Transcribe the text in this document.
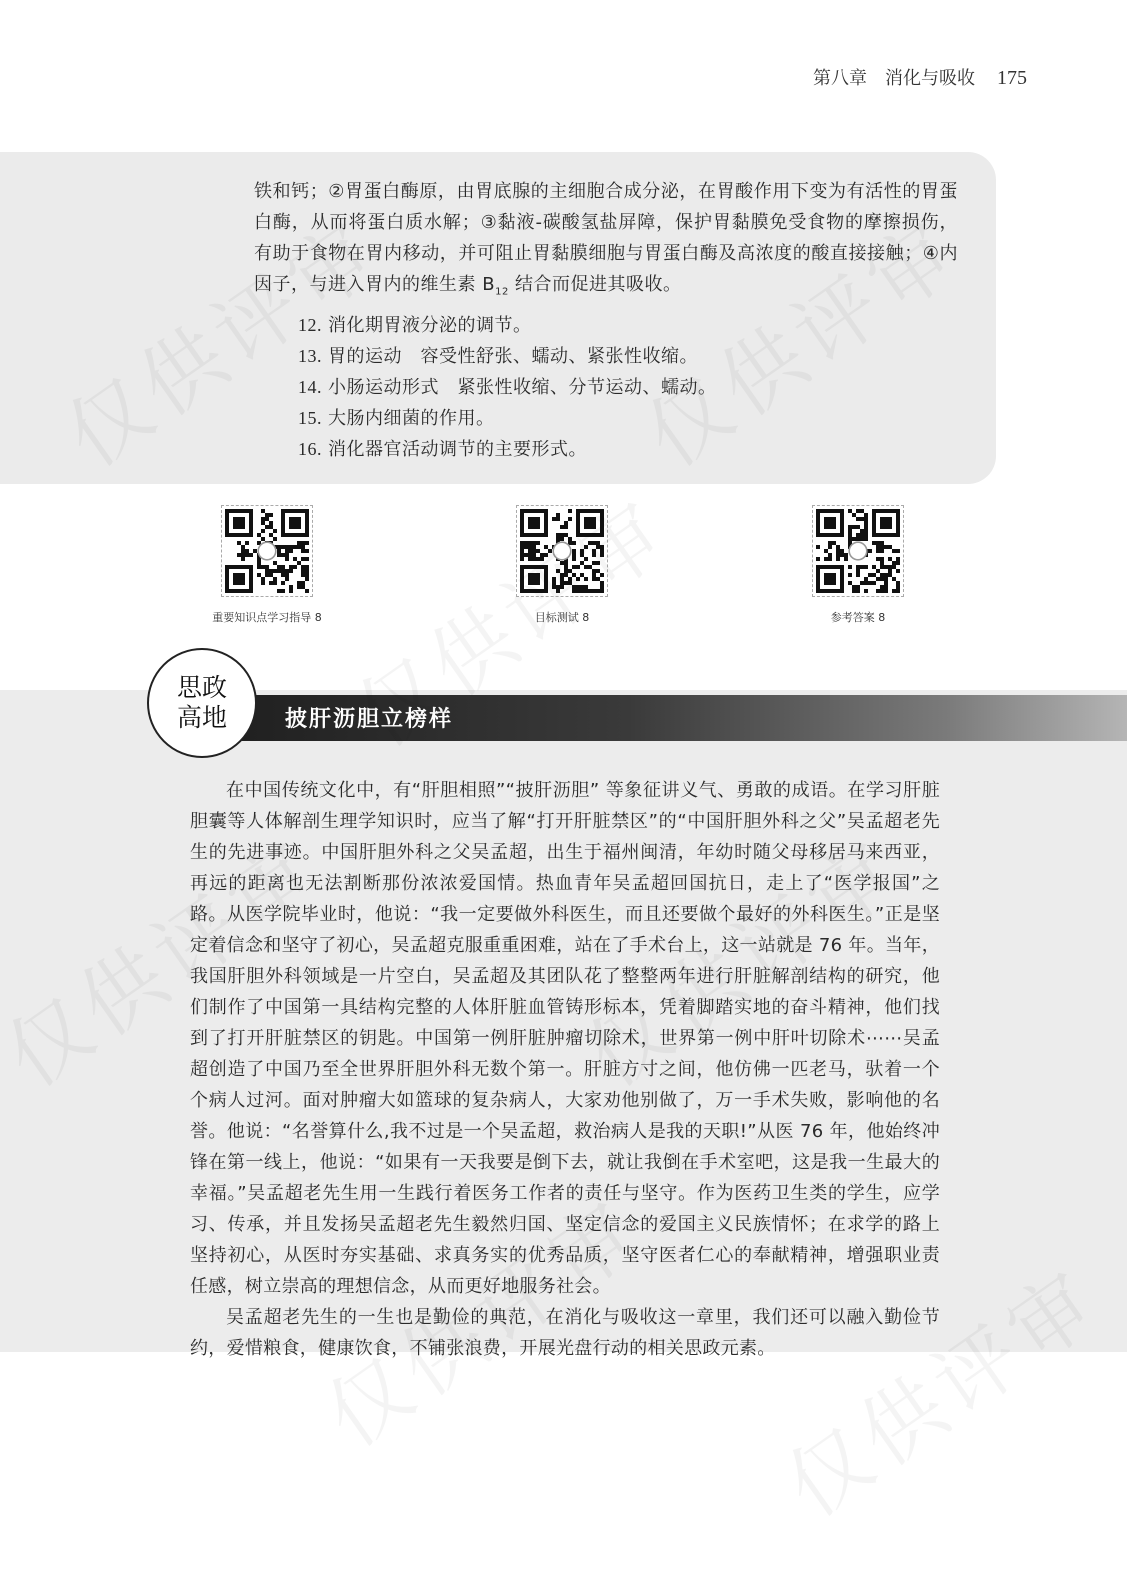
第八章　消化与吸收 175

铁和钙；②胃蛋白酶原，由胃底腺的主细胞合成分泌，在胃酸作用下变为有活性的胃蛋白酶，从而将蛋白质水解；③黏液-碳酸氢盐屏障，保护胃黏膜免受食物的摩擦损伤，有助于食物在胃内移动，并可阻止胃黏膜细胞与胃蛋白酶及高浓度的酸直接接触；④内因子，与进入胃内的维生素 $B_{12}$ 结合而促进其吸收。

12. 消化期胃液分泌的调节。
13. 胃的运动　容受性舒张、蠕动、紧张性收缩。
14. 小肠运动形式　紧张性收缩、分节运动、蠕动。
15. 大肠内细菌的作用。
16. 消化器官活动调节的主要形式。
重要知识点学习指导 8	目标测试 8	参考答案 8
披肝沥胆立榜样
思政
高地

在中国传统文化中，有“肝胆相照”“披肝沥胆” 等象征讲义气、勇敢的成语。在学习肝脏胆囊等人体解剖生理学知识时，应当了解“打开肝脏禁区”的“中国肝胆外科之父”吴孟超老先生的先进事迹。中国肝胆外科之父吴孟超，出生于福州闽清，年幼时随父母移居马来西亚，再远的距离也无法割断那份浓浓爱国情。热血青年吴孟超回国抗日，走上了“医学报国”之路。从医学院毕业时，他说：“我一定要做外科医生，而且还要做个最好的外科医生。”正是坚定着信念和坚守了初心，吴孟超克服重重困难，站在了手术台上，这一站就是 76 年。当年，我国肝胆外科领域是一片空白，吴孟超及其团队花了整整两年进行肝脏解剖结构的研究，他们制作了中国第一具结构完整的人体肝脏血管铸形标本，凭着脚踏实地的奋斗精神，他们找到了打开肝脏禁区的钥匙。中国第一例肝脏肿瘤切除术，世界第一例中肝叶切除术⋯⋯吴孟超创造了中国乃至全世界肝胆外科无数个第一。肝脏方寸之间，他仿佛一匹老马，驮着一个个病人过河。面对肿瘤大如篮球的复杂病人，大家劝他别做了，万一手术失败，影响他的名誉。他说：“名誉算什么,我不过是一个吴孟超，救治病人是我的天职!”从医 76 年，他始终冲锋在第一线上，他说：“如果有一天我要是倒下去，就让我倒在手术室吧，这是我一生最大的幸福。”吴孟超老先生用一生践行着医务工作者的责任与坚守。作为医药卫生类的学生，应学习、传承，并且发扬吴孟超老先生毅然归国、坚定信念的爱国主义民族情怀；在求学的路上坚持初心，从医时夯实基础、求真务实的优秀品质，坚守医者仁心的奉献精神，增强职业责任感，树立崇高的理想信念，从而更好地服务社会。

吴孟超老先生的一生也是勤俭的典范，在消化与吸收这一章里，我们还可以融入勤俭节约，爱惜粮食，健康饮食，不铺张浪费，开展光盘行动的相关思政元素。
